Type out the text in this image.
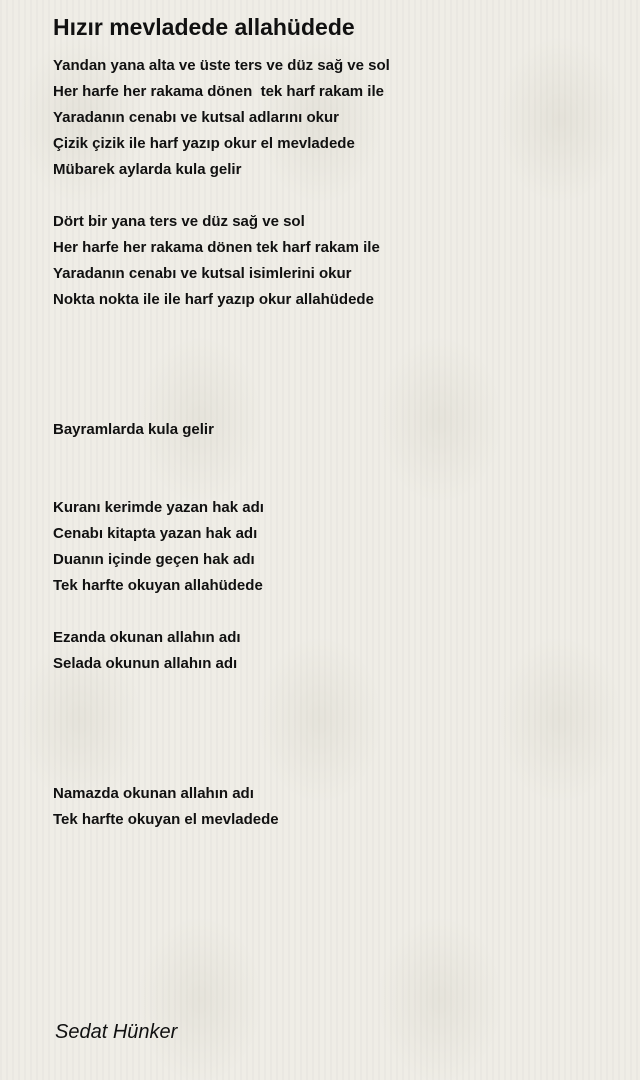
Hızır mevladede allahüdede
Yandan yana alta ve üste ters ve düz sağ ve sol
Her harfe her rakama dönen  tek harf rakam ile
Yaradanın cenabı ve kutsal adlarını okur
Çizik çizik ile harf yazıp okur el mevladede
Mübarek aylarda kula gelir
Dört bir yana ters ve düz sağ ve sol
Her harfe her rakama dönen tek harf rakam ile
Yaradanın cenabı ve kutsal isimlerini okur
Nokta nokta ile ile harf yazıp okur allahüdede
Bayramlarda kula gelir
Kuranı kerimde yazan hak adı
Cenabı kitapta yazan hak adı
Duanın içinde geçen hak adı
Tek harfte okuyan allahüdede
Ezanda okunan allahın adı
Selada okunun allahın adı
Namazda okunan allahın adı
Tek harfte okuyan el mevladede
Sedat Hünker
